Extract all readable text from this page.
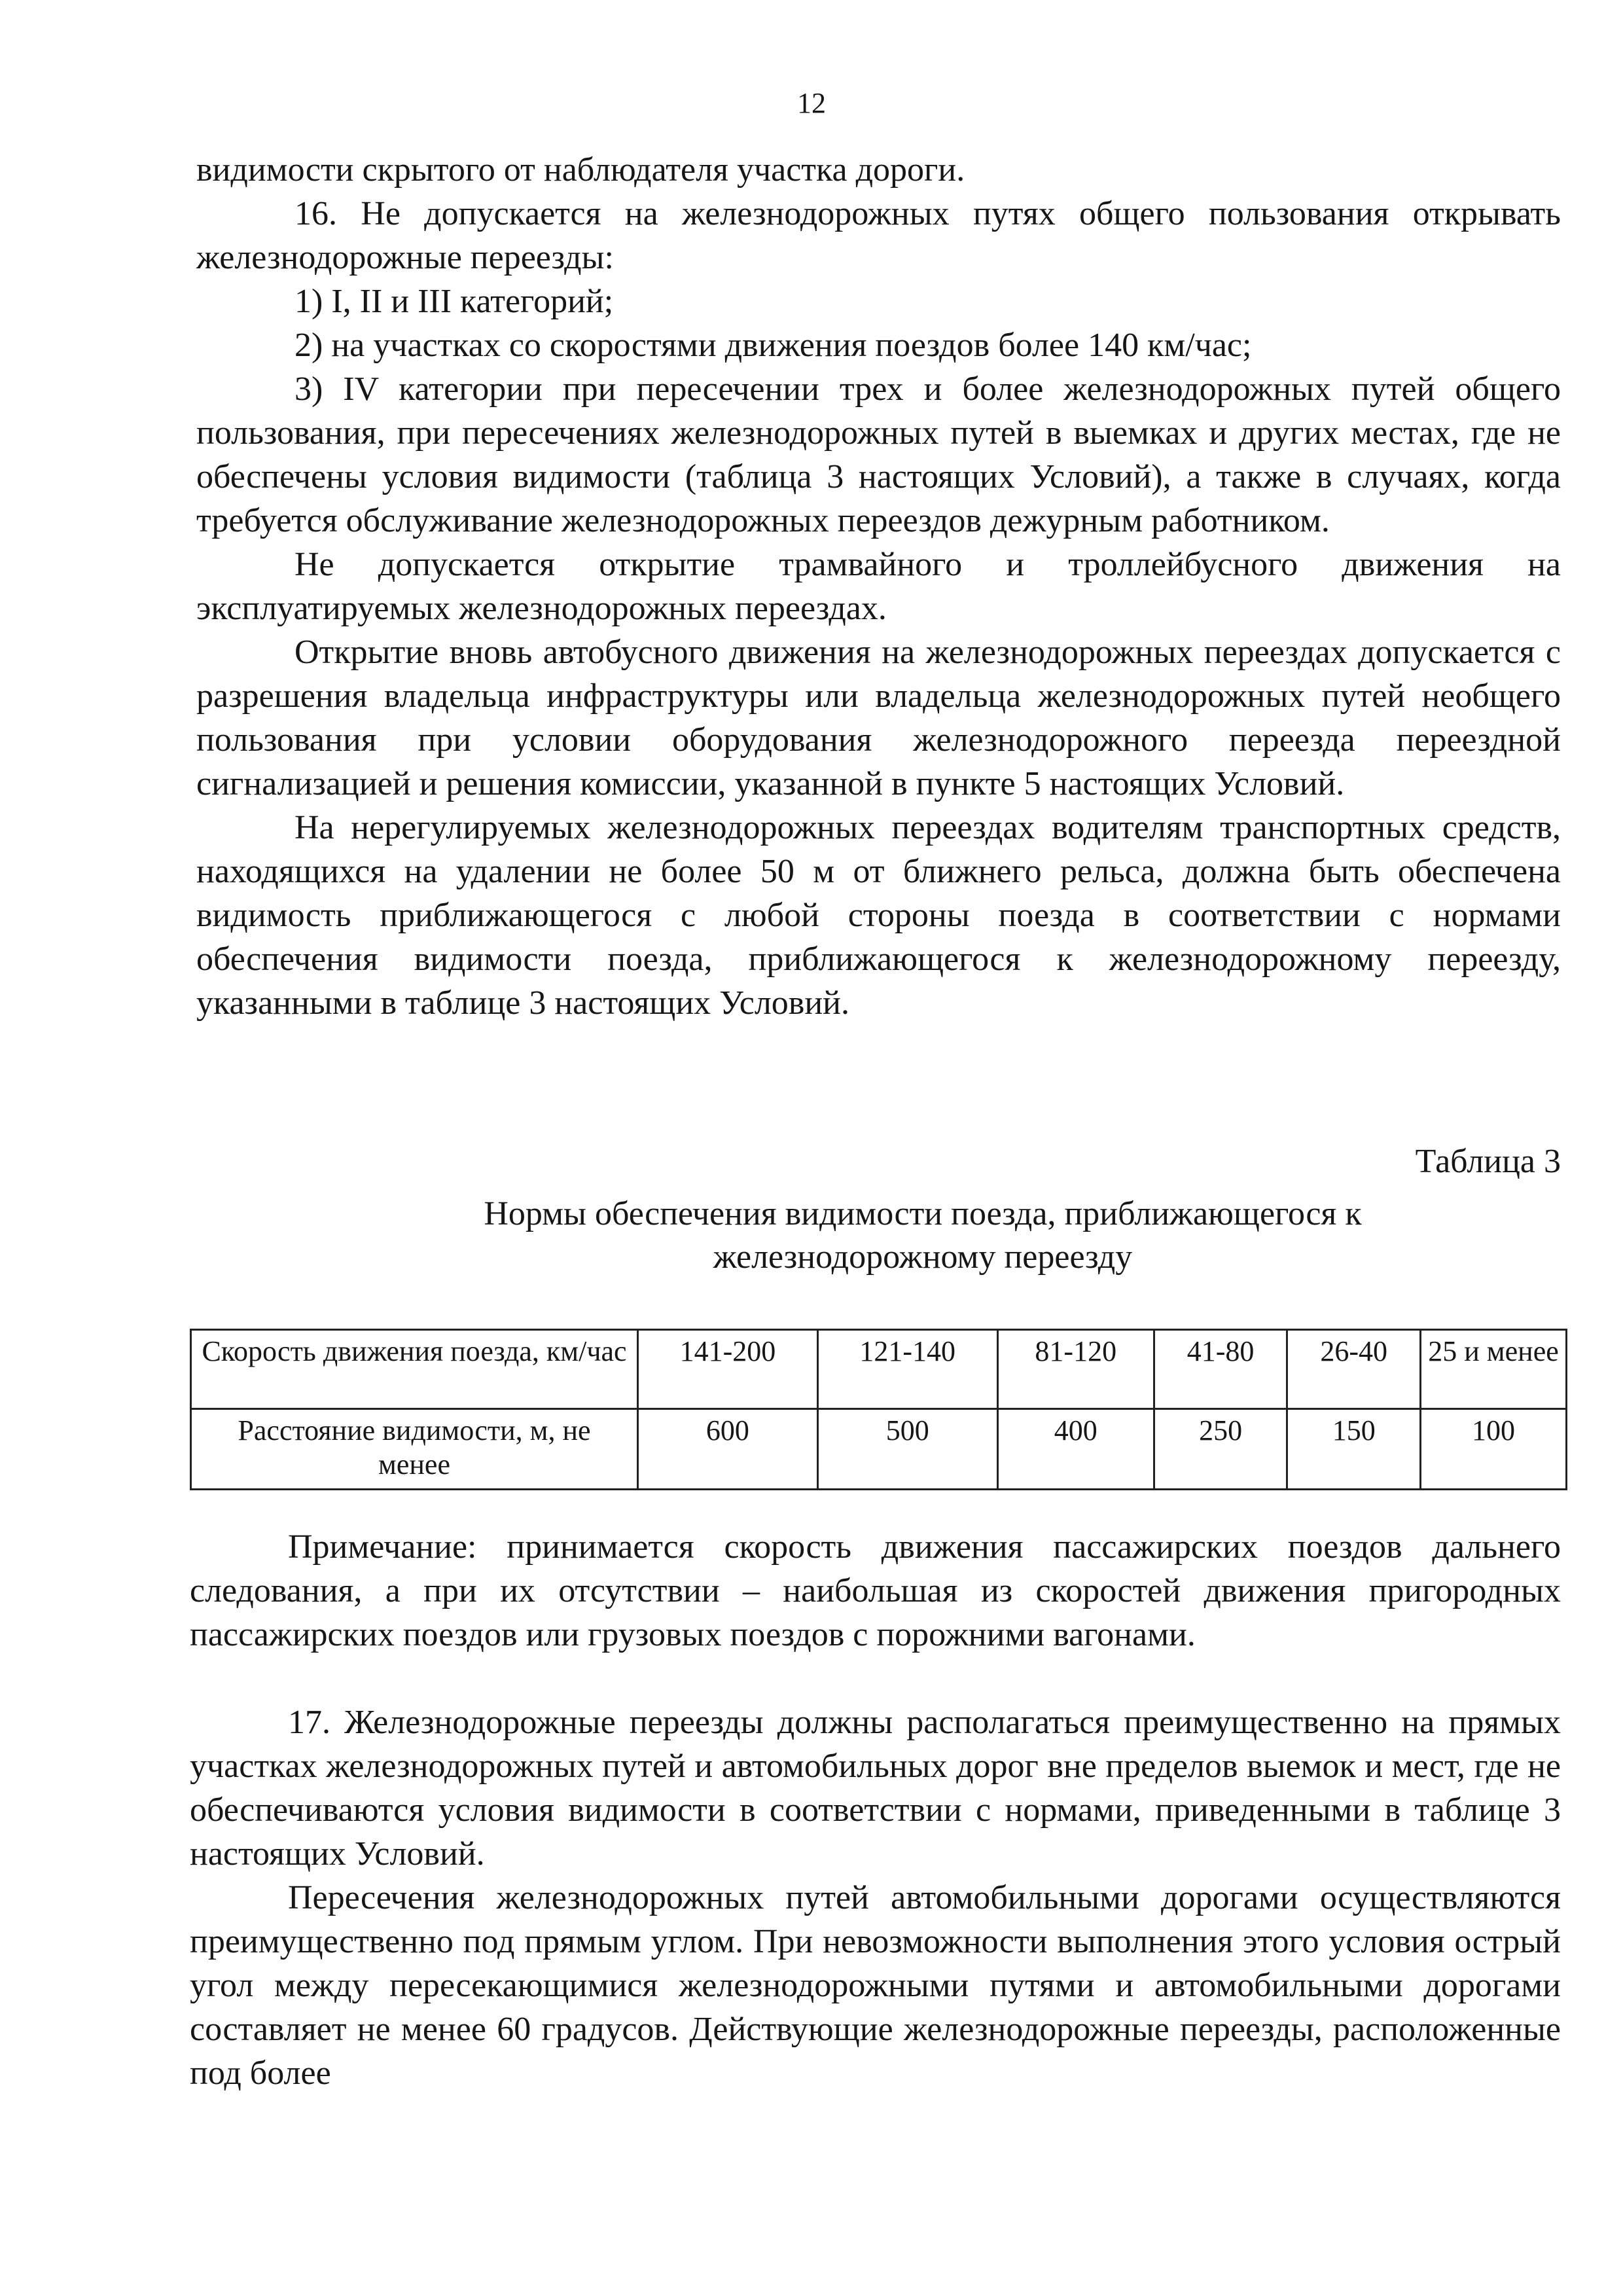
12

видимости скрытого от наблюдателя участка дороги.

16. Не допускается на железнодорожных путях общего пользования открывать железнодорожные переезды:

1) I, II и III категорий;

2) на участках со скоростями движения поездов более 140 км/час;

3) IV категории при пересечении трех и более железнодорожных путей общего пользования, при пересечениях железнодорожных путей в выемках и других местах, где не обеспечены условия видимости (таблица 3 настоящих Условий), а также в случаях, когда требуется обслуживание железнодорожных переездов дежурным работником.

Не допускается открытие трамвайного и троллейбусного движения на эксплуатируемых железнодорожных переездах.

Открытие вновь автобусного движения на железнодорожных переездах допускается с разрешения владельца инфраструктуры или владельца железнодорожных путей необщего пользования при условии оборудования железнодорожного переезда переездной сигнализацией и решения комиссии, указанной в пункте 5 настоящих Условий.

На нерегулируемых железнодорожных переездах водителям транспортных средств, находящихся на удалении не более 50 м от ближнего рельса, должна быть обеспечена видимость приближающегося с любой стороны поезда в соответствии с нормами обеспечения видимости поезда, приближающегося к железнодорожному переезду, указанными в таблице 3 настоящих Условий.

Таблица 3
Нормы обеспечения видимости поезда, приближающегося к
железнодорожному переезду
Скорость движения поезда, км/час	141-200	121-140	81-120	41-80	26-40	25 и менее
Расстояние видимости, м, не менее	600	500	400	250	150	100

Примечание: принимается скорость движения пассажирских поездов дальнего следования, а при их отсутствии – наибольшая из скоростей движения пригородных пассажирских поездов или грузовых поездов с порожними вагонами.

17. Железнодорожные переезды должны располагаться преимущественно на прямых участках железнодорожных путей и автомобильных дорог вне пределов выемок и мест, где не обеспечиваются условия видимости в соответствии с нормами, приведенными в таблице 3 настоящих Условий.

Пересечения железнодорожных путей автомобильными дорогами осуществляются преимущественно под прямым углом. При невозможности выполнения этого условия острый угол между пересекающимися железнодорожными путями и автомобильными дорогами составляет не менее 60 градусов. Действующие железнодорожные переезды, расположенные под более
